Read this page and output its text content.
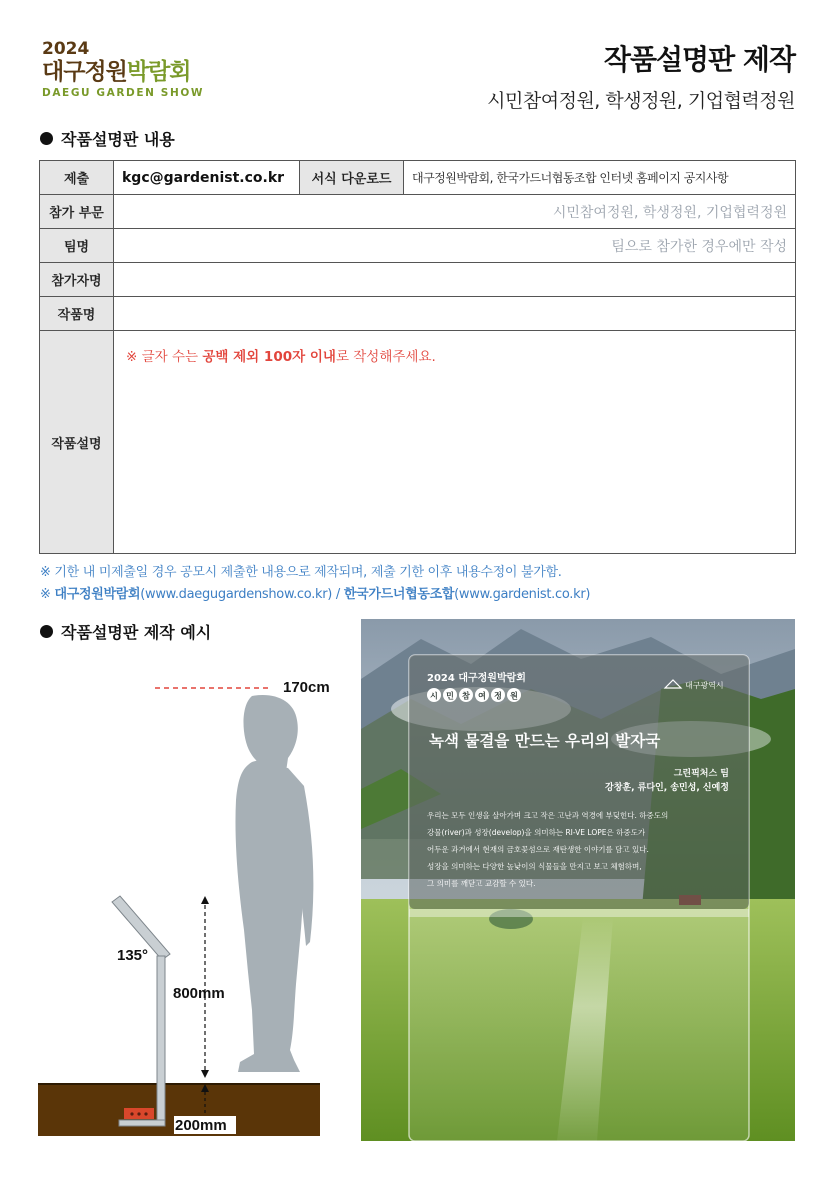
2024
대구정원박람회
DAEGU GARDEN SHOW
작품설명판 제작
시민참여정원, 학생정원, 기업협력정원
작품설명판 내용
제출	kgc@gardenist.co.kr	서식 다운로드	대구정원박람회, 한국가드너협동조합 인터넷 홈페이지 공지사항
참가 부문	시민참여정원, 학생정원, 기업협력정원		
팀명	팀으로 참가한 경우에만 작성		
참가자명			
작품명			
작품설명	※ 글자 수는 공백 제외 100자 이내로 작성해주세요.		
※ 기한 내 미제출일 경우 공모시 제출한 내용으로 제작되며, 제출 기한 이후 내용수정이 불가함.
※ 대구정원박람회(www.daegugardenshow.co.kr) / 한국가드너협동조합(www.gardenist.co.kr)
작품설명판 제작 예시
170cm
135°
800mm
200mm
2024 대구정원박람회
시 민 참 여 정 원
대구광역시
녹색 물결을 만드는 우리의 발자국
그린픽처스 팀
강창훈, 류다인, 송민성, 신예정
우리는 모두 인생을 살아가며 크고 작은 고난과 역경에 부딪힌다. 하중도의
강물(river)과 성장(develop)을 의미하는 RI-VE LOPE은 하중도가
어두운 과거에서 현재의 금호꽃섬으로 재탄생한 이야기를 담고 있다.
성장을 의미하는 다양한 높낮이의 식물들을 만지고 보고 체험하며,
그 의미를 깨닫고 교감할 수 있다.
